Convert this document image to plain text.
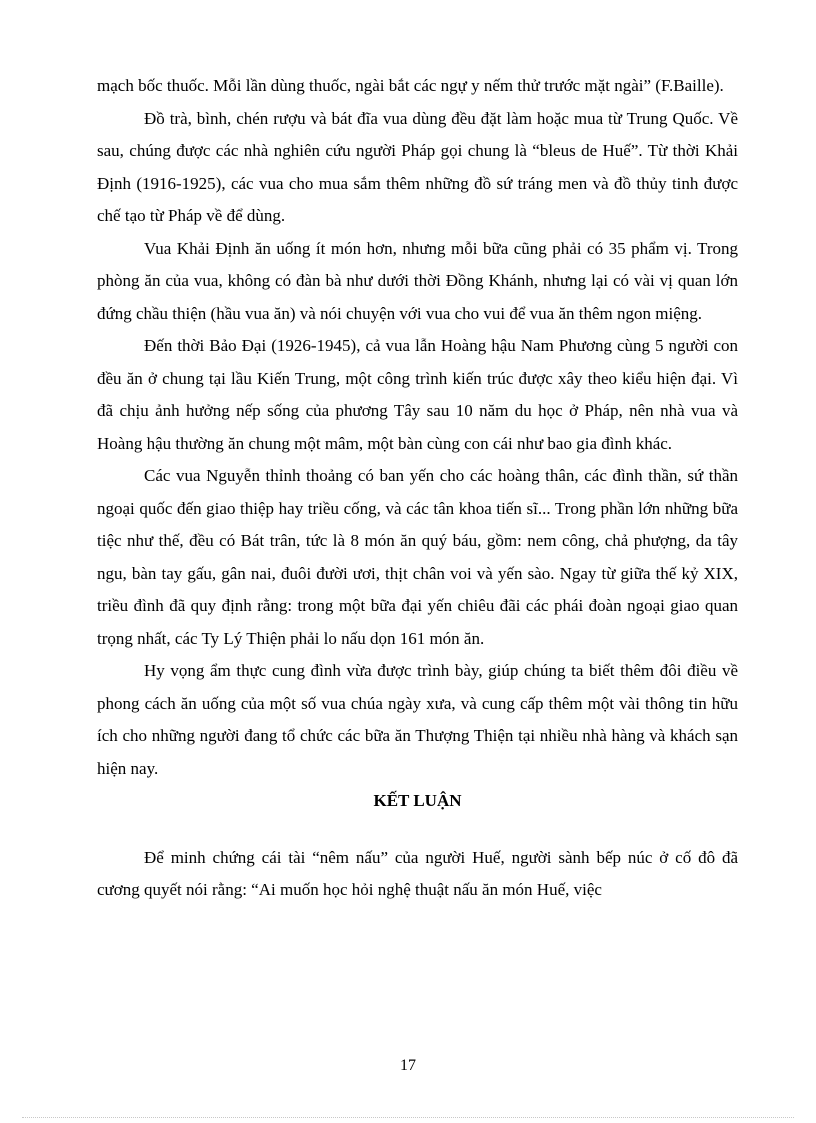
mạch bốc thuốc. Mỗi lần dùng thuốc, ngài bắt các ngự y nếm thử trước mặt ngài” (F.Baille).

Đồ trà, bình, chén rượu và bát đĩa vua dùng đều đặt làm hoặc mua từ Trung Quốc. Về sau, chúng được các nhà nghiên cứu người Pháp gọi chung là “bleus de Huế”. Từ thời Khải Định (1916-1925), các vua cho mua sắm thêm những đồ sứ tráng men và đồ thủy tinh được chế tạo từ Pháp về để dùng.

Vua Khải Định ăn uống ít món hơn, nhưng mỗi bữa cũng phải có 35 phẩm vị. Trong phòng ăn của vua, không có đàn bà như dưới thời Đồng Khánh, nhưng lại có vài vị quan lớn đứng chầu thiện (hầu vua ăn) và nói chuyện với vua cho vui để vua ăn thêm ngon miệng.

Đến thời Bảo Đại (1926-1945), cả vua lẫn Hoàng hậu Nam Phương cùng 5 người con đều ăn ở chung tại lầu Kiến Trung, một công trình kiến trúc được xây theo kiểu hiện đại. Vì đã chịu ảnh hưởng nếp sống của phương Tây sau 10 năm du học ở Pháp, nên nhà vua và Hoàng hậu thường ăn chung một mâm, một bàn cùng con cái như bao gia đình khác.

Các vua Nguyễn thỉnh thoảng có ban yến cho các hoàng thân, các đình thần, sứ thần ngoại quốc đến giao thiệp hay triều cống, và các tân khoa tiến sĩ... Trong phần lớn những bữa tiệc như thế, đều có Bát trân, tức là 8 món ăn quý báu, gồm: nem công, chả phượng, da tây ngu, bàn tay gấu, gân nai, đuôi đười ươi, thịt chân voi và yến sào. Ngay từ giữa thế kỷ XIX, triều đình đã quy định rằng: trong một bữa đại yến chiêu đãi các phái đoàn ngoại giao quan trọng nhất, các Ty Lý Thiện phải lo nấu dọn 161 món ăn.

Hy vọng ẩm thực cung đình vừa được trình bày, giúp chúng ta biết thêm đôi điều về phong cách ăn uống của một số vua chúa ngày xưa, và cung cấp thêm một vài thông tin hữu ích cho những người đang tổ chức các bữa ăn Thượng Thiện tại nhiều nhà hàng và khách sạn hiện nay.

KẾT LUẬN

Để minh chứng cái tài “nêm nấu” của người Huế, người sành bếp núc ở cố đô đã cương quyết nói rằng: “Ai muốn học hỏi nghệ thuật nấu ăn món Huế, việc

17
